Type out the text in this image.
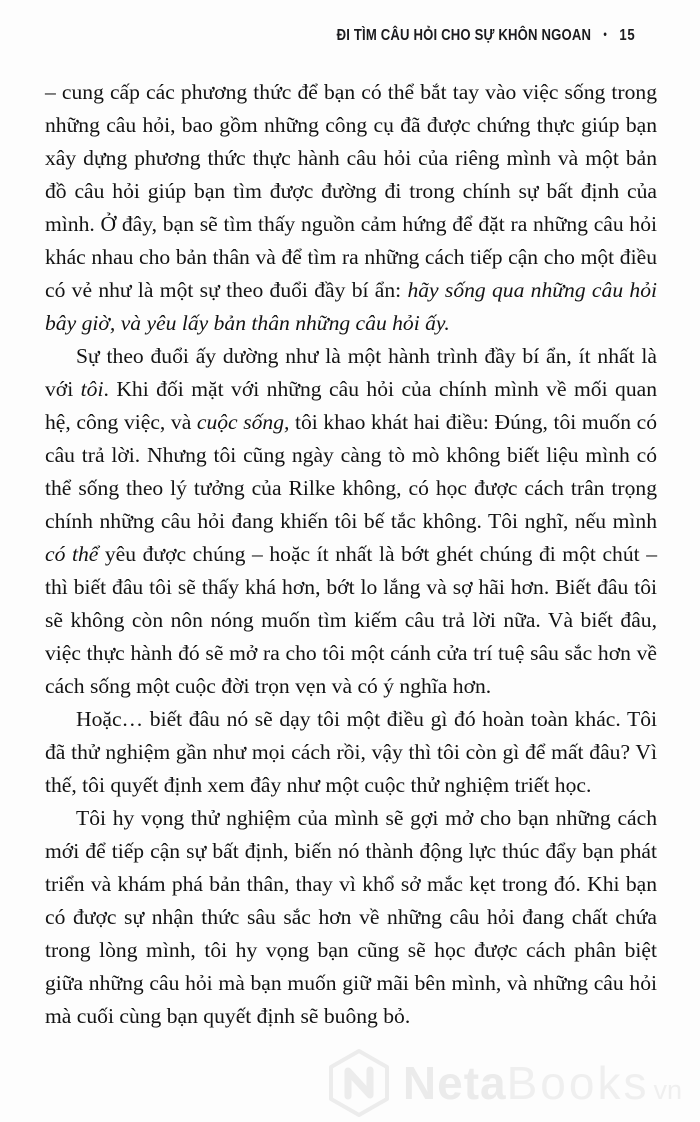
ĐI TÌM CÂU HỎI CHO SỰ KHÔN NGOAN • 15

– cung cấp các phương thức để bạn có thể bắt tay vào việc sống trong những câu hỏi, bao gồm những công cụ đã được chứng thực giúp bạn xây dựng phương thức thực hành câu hỏi của riêng mình và một bản đồ câu hỏi giúp bạn tìm được đường đi trong chính sự bất định của mình. Ở đây, bạn sẽ tìm thấy nguồn cảm hứng để đặt ra những câu hỏi khác nhau cho bản thân và để tìm ra những cách tiếp cận cho một điều có vẻ như là một sự theo đuổi đầy bí ẩn: hãy sống qua những câu hỏi bây giờ, và yêu lấy bản thân những câu hỏi ấy.

Sự theo đuổi ấy dường như là một hành trình đầy bí ẩn, ít nhất là với tôi. Khi đối mặt với những câu hỏi của chính mình về mối quan hệ, công việc, và cuộc sống, tôi khao khát hai điều: Đúng, tôi muốn có câu trả lời. Nhưng tôi cũng ngày càng tò mò không biết liệu mình có thể sống theo lý tưởng của Rilke không, có học được cách trân trọng chính những câu hỏi đang khiến tôi bế tắc không. Tôi nghĩ, nếu mình có thể yêu được chúng – hoặc ít nhất là bớt ghét chúng đi một chút – thì biết đâu tôi sẽ thấy khá hơn, bớt lo lắng và sợ hãi hơn. Biết đâu tôi sẽ không còn nôn nóng muốn tìm kiếm câu trả lời nữa. Và biết đâu, việc thực hành đó sẽ mở ra cho tôi một cánh cửa trí tuệ sâu sắc hơn về cách sống một cuộc đời trọn vẹn và có ý nghĩa hơn.

Hoặc… biết đâu nó sẽ dạy tôi một điều gì đó hoàn toàn khác. Tôi đã thử nghiệm gần như mọi cách rồi, vậy thì tôi còn gì để mất đâu? Vì thế, tôi quyết định xem đây như một cuộc thử nghiệm triết học.

Tôi hy vọng thử nghiệm của mình sẽ gợi mở cho bạn những cách mới để tiếp cận sự bất định, biến nó thành động lực thúc đẩy bạn phát triển và khám phá bản thân, thay vì khổ sở mắc kẹt trong đó. Khi bạn có được sự nhận thức sâu sắc hơn về những câu hỏi đang chất chứa trong lòng mình, tôi hy vọng bạn cũng sẽ học được cách phân biệt giữa những câu hỏi mà bạn muốn giữ mãi bên mình, và những câu hỏi mà cuối cùng bạn quyết định sẽ buông bỏ.

Neta Books vn
